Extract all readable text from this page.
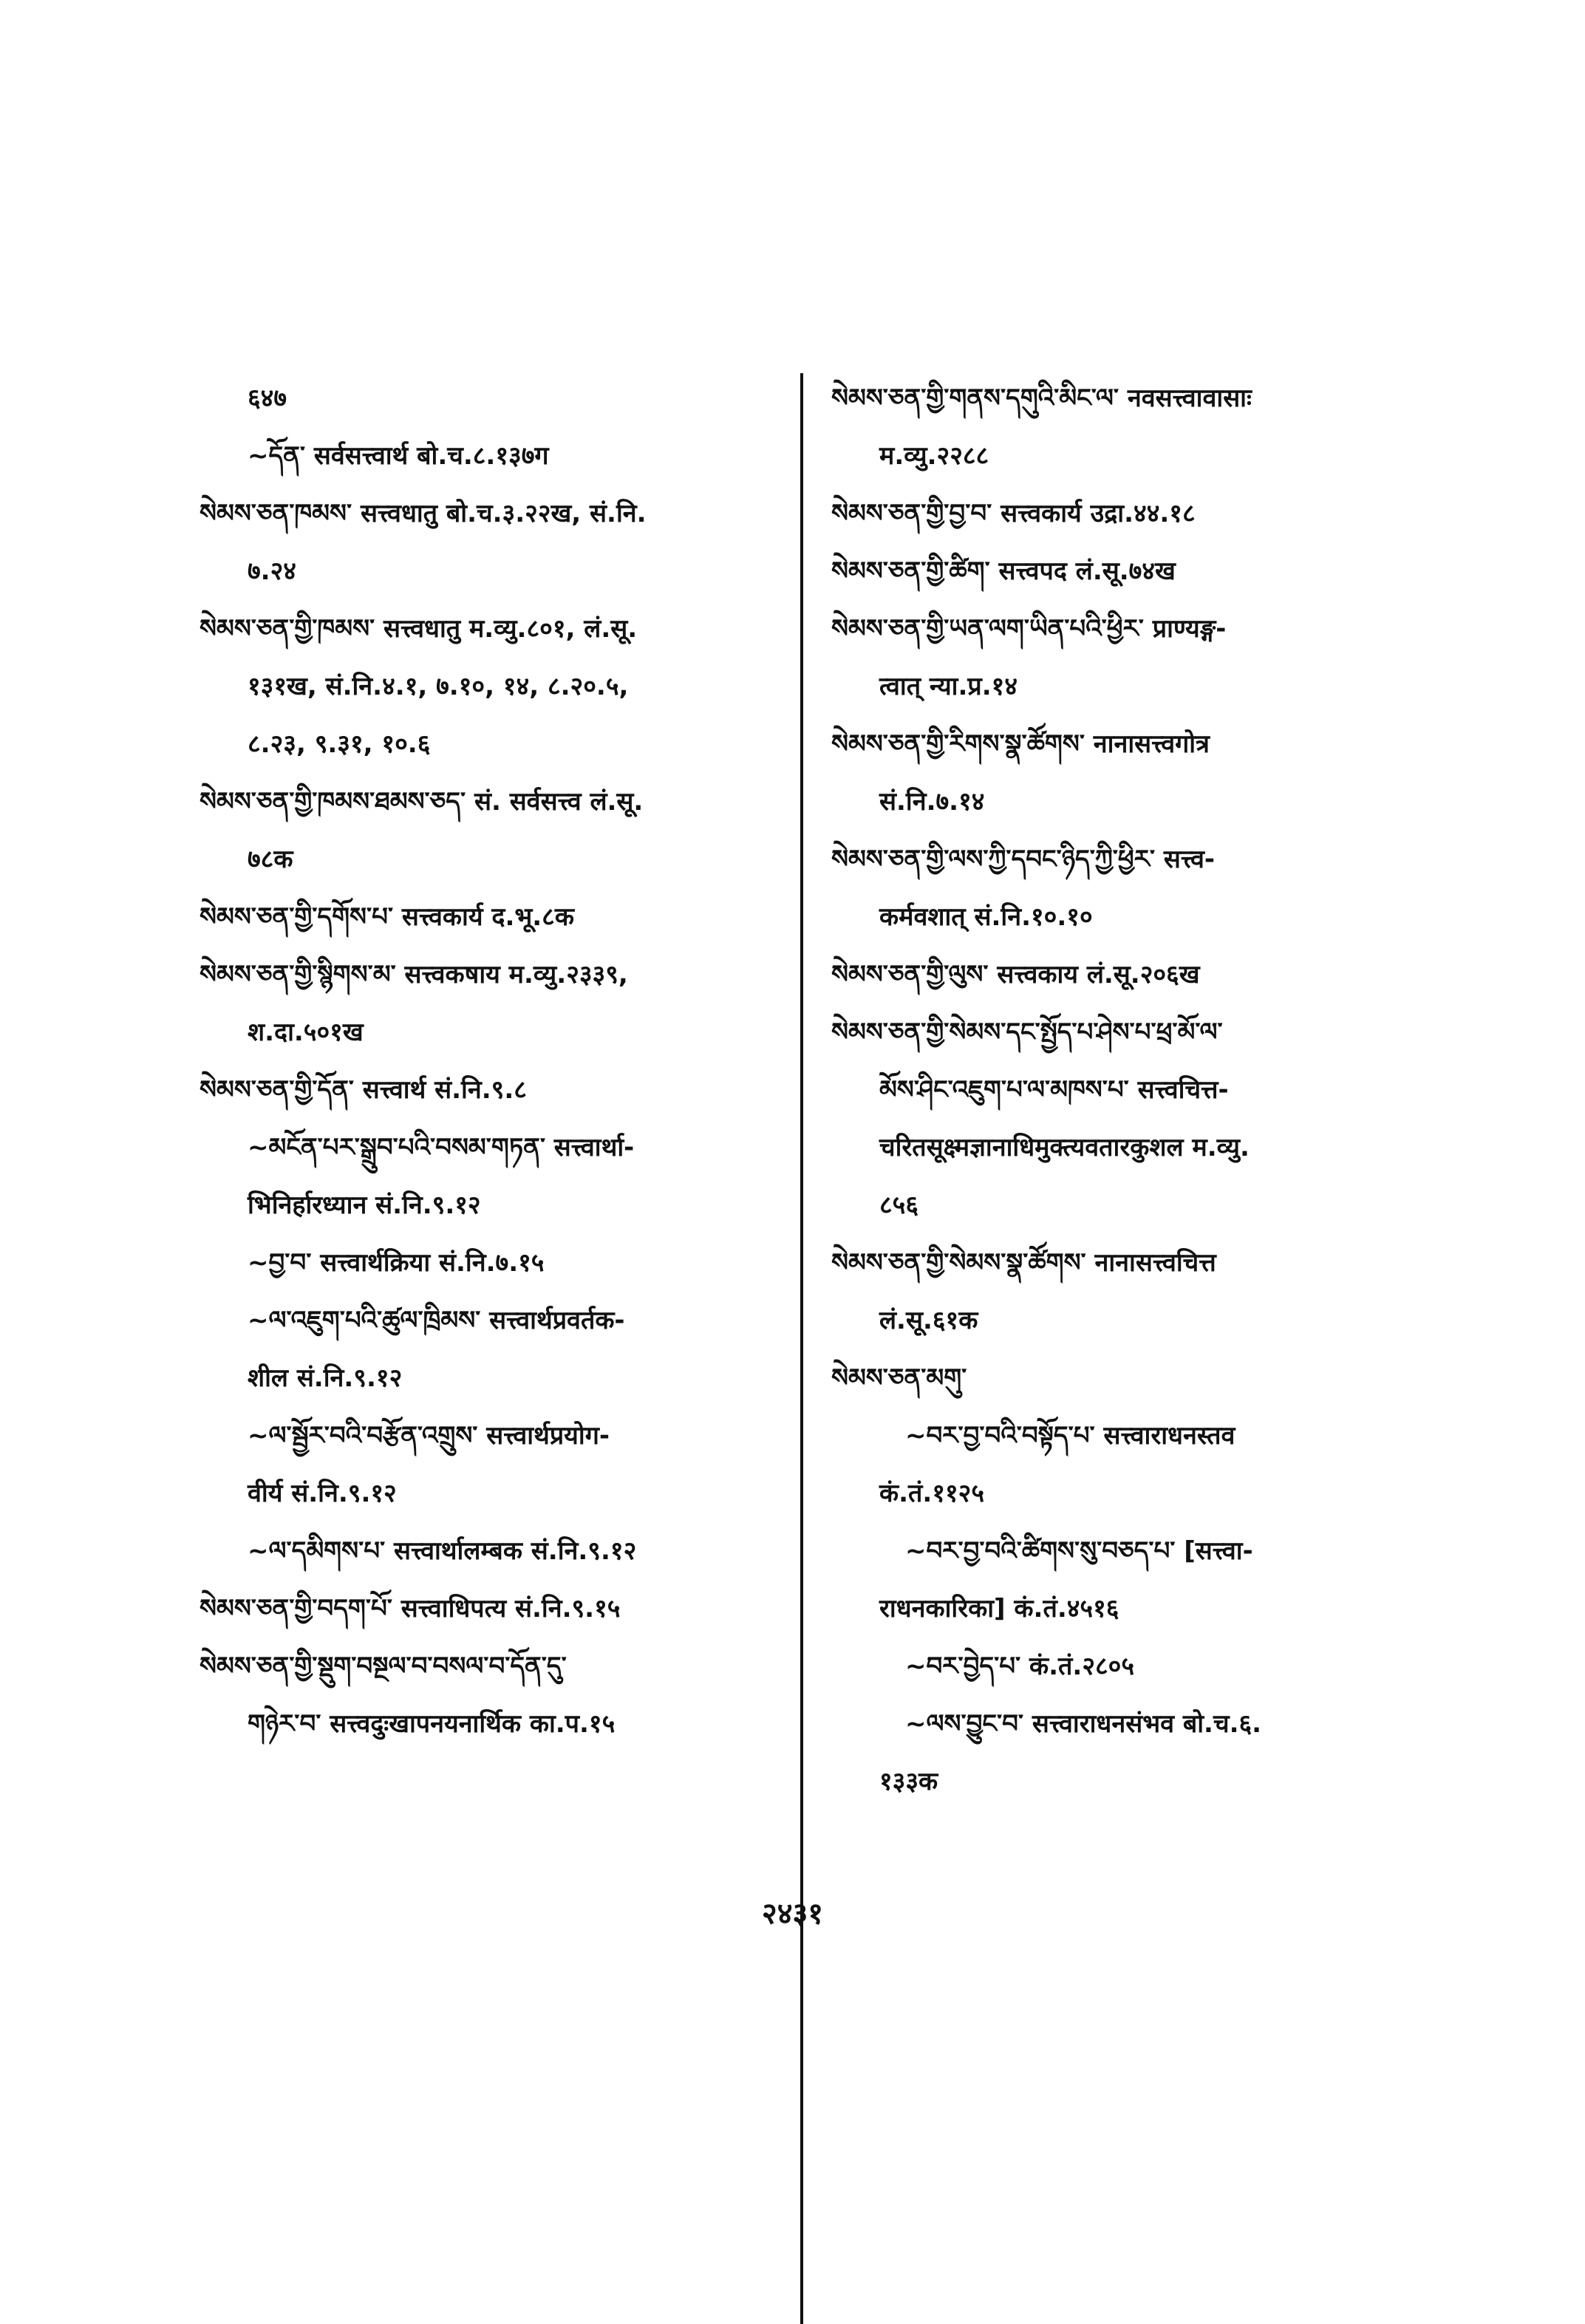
६४७
~དོན་ सर्वसत्त्वार्थ बो.च.८.१३७ग
སེམས་ཅན་ཁམས་ सत्त्वधातु बो.च.३.२२ख, सं.नि.
७.२४
སེམས་ཅན་གྱི་ཁམས་ सत्त्वधातु म.व्यु.८०१, लं.सू.
१३१ख, सं.नि.४.१, ७.१०, १४, ८.२०.५,
८.२३, ९.३१, १०.६
སེམས་ཅན་གྱི་ཁམས་ཐམས་ཅད་ सं. सर्वसत्त्व लं.सू.
७८क
སེམས་ཅན་གྱི་དགོས་པ་ सत्त्वकार्य द.भू.८क
སེམས་ཅན་གྱི་སྙིགས་མ་ सत्त्वकषाय म.व्यु.२३३९,
श.दा.५०१ख
སེམས་ཅན་གྱི་དོན་ सत्त्वार्थ सं.नि.९.८
~མངོན་པར་སྒྲུབ་པའི་བསམ་གཏན་ सत्त्वार्था-
भिनिर्हारध्यान सं.नि.९.१२
~བྱ་བ་ सत्त्वार्थक्रिया सं.नि.७.१५
~ལ་འཇུག་པའི་ཚུལ་ཁྲིམས་ सत्त्वार्थप्रवर्तक-
शील सं.नि.९.१२
~ལ་སྦྱོར་བའི་བརྩོན་འགྲུས་ सत्त्वार्थप्रयोग-
वीर्य सं.नि.९.१२
~ལ་དམིགས་པ་ सत्त्वार्थालम्बक सं.नि.९.१२
སེམས་ཅན་གྱི་བདག་པོ་ सत्त्वाधिपत्य सं.नि.९.१५
སེམས་ཅན་གྱི་སྡུག་བསྔལ་བ་བསལ་བ་དོན་དུ་
གཉེར་བ་ सत्त्वदुःखापनयनार्थिक का.प.१५
སེམས་ཅན་གྱི་གནས་དགུའི་མིང་ལ་ नवसत्त्वावासाः
म.व्यु.२२८८
སེམས་ཅན་གྱི་བྱ་བ་ सत्त्वकार्य उद्रा.४४.१८
སེམས་ཅན་གྱི་ཚིག་ सत्त्वपद लं.सू.७४ख
སེམས་ཅན་གྱི་ཡན་ལག་ཡིན་པའི་ཕྱིར་ प्राण्यङ्ग-
त्वात् न्या.प्र.१४
སེམས་ཅན་གྱི་རིགས་སྣ་ཚོགས་ नानासत्त्वगोत्र
सं.नि.७.१४
སེམས་ཅན་གྱི་ལས་ཀྱི་དབང་ཉིད་ཀྱི་ཕྱིར་ सत्त्व-
कर्मवशात् सं.नि.१०.१०
སེམས་ཅན་གྱི་ལུས་ सत्त्वकाय लं.सू.२०६ख
སེམས་ཅན་གྱི་སེམས་དང་སྤྱོད་པ་ཤེས་པ་ཕྲ་མོ་ལ་
མོས་ཤིང་འཇུག་པ་ལ་མཁས་པ་ सत्त्वचित्त-
चरितसूक्ष्मज्ञानाधिमुक्त्यवतारकुशल म.व्यु.
८५६
སེམས་ཅན་གྱི་སེམས་སྣ་ཚོགས་ नानासत्त्वचित्त
लं.सू.६१क
སེམས་ཅན་མགུ་
~བར་བྱ་བའི་བསྟོད་པ་ सत्त्वाराधनस्तव
कं.तं.११२५
~བར་བྱ་བའི་ཚིགས་སུ་བཅད་པ་ [सत्त्वा-
राधनकारिका] कं.तं.४५१६
~བར་བྱེད་པ་ कं.तं.२८०५
~ལས་བྱུང་བ་ सत्त्वाराधनसंभव बो.च.६.
१३३क
२४३१
